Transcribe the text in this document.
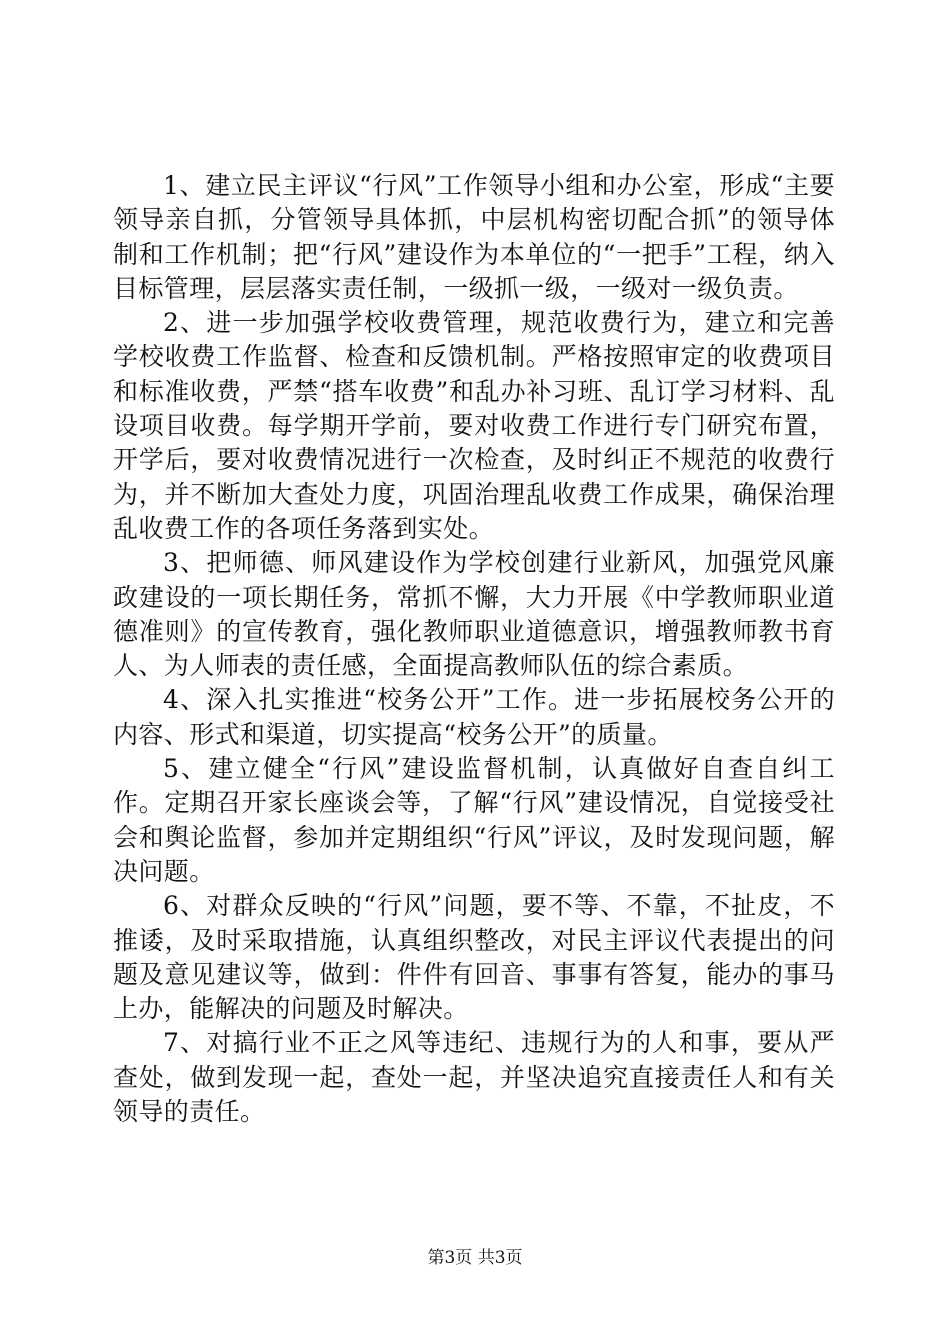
1、建立民主评议“行风”工作领导小组和办公室，形成“主要领导亲自抓，分管领导具体抓，中层机构密切配合抓”的领导体制和工作机制；把“行风”建设作为本单位的“一把手”工程，纳入目标管理，层层落实责任制，一级抓一级，一级对一级负责。

2、进一步加强学校收费管理，规范收费行为，建立和完善学校收费工作监督、检查和反馈机制。严格按照审定的收费项目和标准收费，严禁“搭车收费”和乱办补习班、乱订学习材料、乱设项目收费。每学期开学前，要对收费工作进行专门研究布置，开学后，要对收费情况进行一次检查，及时纠正不规范的收费行为，并不断加大查处力度，巩固治理乱收费工作成果，确保治理乱收费工作的各项任务落到实处。

3、把师德、师风建设作为学校创建行业新风，加强党风廉政建设的一项长期任务，常抓不懈，大力开展《中学教师职业道德准则》的宣传教育，强化教师职业道德意识，增强教师教书育人、为人师表的责任感，全面提高教师队伍的综合素质。

4、深入扎实推进“校务公开”工作。进一步拓展校务公开的内容、形式和渠道，切实提高“校务公开”的质量。

5、建立健全“行风”建设监督机制，认真做好自查自纠工作。定期召开家长座谈会等，了解“行风”建设情况，自觉接受社会和舆论监督，参加并定期组织“行风”评议，及时发现问题，解决问题。

6、对群众反映的“行风”问题，要不等、不靠，不扯皮，不推诿，及时采取措施，认真组织整改，对民主评议代表提出的问题及意见建议等，做到：件件有回音、事事有答复，能办的事马上办，能解决的问题及时解决。

7、对搞行业不正之风等违纪、违规行为的人和事，要从严查处，做到发现一起，查处一起，并坚决追究直接责任人和有关领导的责任。

第3页 共3页
